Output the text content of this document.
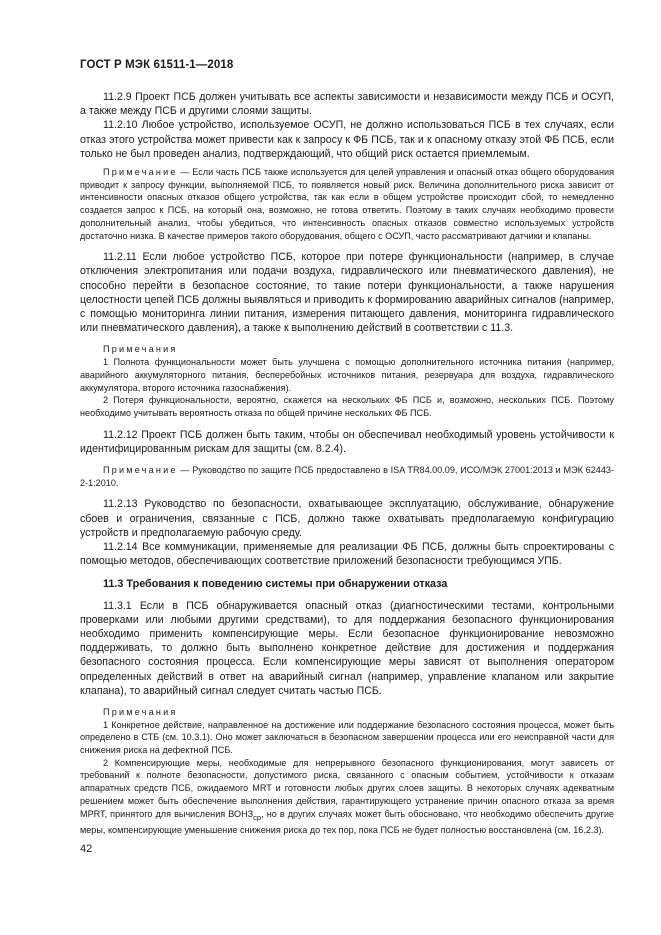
ГОСТ Р МЭК 61511-1—2018

11.2.9 Проект ПСБ должен учитывать все аспекты зависимости и независимости между ПСБ и ОСУП, а также между ПСБ и другими слоями защиты.

11.2.10 Любое устройство, используемое ОСУП, не должно использоваться ПСБ в тех случаях, если отказ этого устройства может привести как к запросу к ФБ ПСБ, так и к опасному отказу этой ФБ ПСБ, если только не был проведен анализ, подтверждающий, что общий риск остается приемлемым.

Примечание — Если часть ПСБ также используется для целей управления и опасный отказ общего оборудования приводит к запросу функции, выполняемой ПСБ, то появляется новый риск. Величина дополнительного риска зависит от интенсивности опасных отказов общего устройства, так как если в общем устройстве происходит сбой, то немедленно создается запрос к ПСБ, на который она, возможно, не готова ответить. Поэтому в таких случаях необходимо провести дополнительный анализ, чтобы убедиться, что интенсивность опасных отказов совместно используемых устройств достаточно низка. В качестве примеров такого оборудования, общего с ОСУП, часто рассматривают датчики и клапаны.

11.2.11 Если любое устройство ПСБ, которое при потере функциональности (например, в случае отключения электропитания или подачи воздуха, гидравлического или пневматического давления), не способно перейти в безопасное состояние, то такие потери функциональности, а также нарушения целостности цепей ПСБ должны выявляться и приводить к формированию аварийных сигналов (например, с помощью мониторинга линии питания, измерения питающего давления, мониторинга гидравлического или пневматического давления), а также к выполнению действий в соответствии с 11.3.

Примечания

1 Полнота функциональности может быть улучшена с помощью дополнительного источника питания (например, аварийного аккумуляторного питания, бесперебойных источников питания, резервуара для воздуха, гидравлического аккумулятора, второго источника газоснабжения).

2 Потеря функциональности, вероятно, скажется на нескольких ФБ ПСБ и, возможно, нескольких ПСБ. Поэтому необходимо учитывать вероятность отказа по общей причине нескольких ФБ ПСБ.

11.2.12 Проект ПСБ должен быть таким, чтобы он обеспечивал необходимый уровень устойчивости к идентифицированным рискам для защиты (см. 8.2.4).

Примечание — Руководство по защите ПСБ предоставлено в ISA TR84.00.09, ИСО/МЭК 27001:2013 и МЭК 62443-2-1:2010.

11.2.13 Руководство по безопасности, охватывающее эксплуатацию, обслуживание, обнаружение сбоев и ограничения, связанные с ПСБ, должно также охватывать предполагаемую конфигурацию устройств и предполагаемую рабочую среду.

11.2.14 Все коммуникации, применяемые для реализации ФБ ПСБ, должны быть спроектированы с помощью методов, обеспечивающих соответствие приложений безопасности требующимся УПБ.

11.3 Требования к поведению системы при обнаружении отказа

11.3.1 Если в ПСБ обнаруживается опасный отказ (диагностическими тестами, контрольными проверками или любыми другими средствами), то для поддержания безопасного функционирования необходимо применить компенсирующие меры. Если безопасное функционирование невозможно поддерживать, то должно быть выполнено конкретное действие для достижения и поддержания безопасного состояния процесса. Если компенсирующие меры зависят от выполнения оператором определенных действий в ответ на аварийный сигнал (например, управление клапаном или закрытие клапана), то аварийный сигнал следует считать частью ПСБ.

Примечания

1 Конкретное действие, направленное на достижение или поддержание безопасного состояния процесса, может быть определено в СТБ (см. 10.3.1). Оно может заключаться в безопасном завершении процесса или его неисправной части для снижения риска на дефектной ПСБ.

2 Компенсирующие меры, необходимые для непрерывного безопасного функционирования, могут зависеть от требований к полноте безопасности, допустимого риска, связанного с опасным событием, устойчивости к отказам аппаратных средств ПСБ, ожидаемого MRT и готовности любых других слоев защиты. В некоторых случаях адекватным решением может быть обеспечение выполнения действия, гарантирующего устранение причин опасного отказа за время MPRT, принятого для вычисления $ВОНЗ_{ср}$, но в других случаях может быть обосновано, что необходимо обеспечить другие меры, компенсирующие уменьшение снижения риска до тех пор, пока ПСБ не будет полностью восстановлена (см. 16.2.3).

42
